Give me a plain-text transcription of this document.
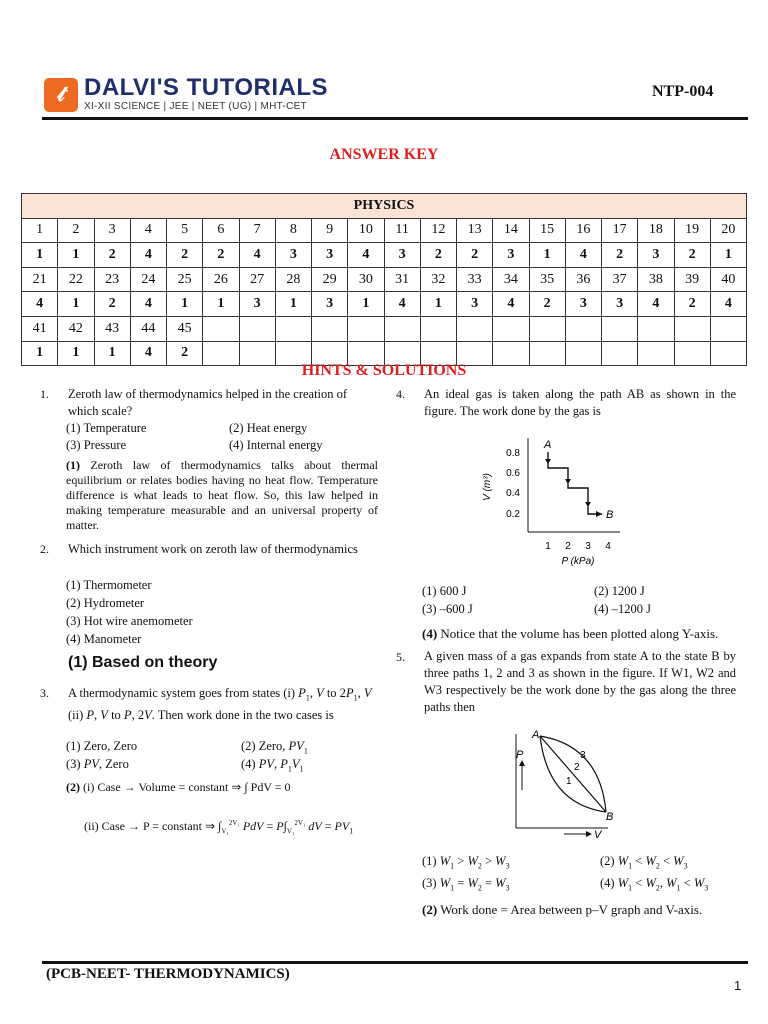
𝓉 DALVI'S TUTORIALS
XI-XII SCIENCE | JEE | NEET (UG) | MHT-CET
NTP-004
ANSWER KEY
PHYSICS																			
1	2	3	4	5	6	7	8	9	10	11	12	13	14	15	16	17	18	19	20
1	1	2	4	2	2	4	3	3	4	3	2	2	3	1	4	2	3	2	1
21	22	23	24	25	26	27	28	29	30	31	32	33	34	35	36	37	38	39	40
4	1	2	4	1	1	3	1	3	1	4	1	3	4	2	3	3	4	2	4
41	42	43	44	45															
1	1	1	4	2															
HINTS & SOLUTIONS
1. Zeroth law of thermodynamics helped in the creation of which scale?
(1) Temperature	(2) Heat energy
(3) Pressure	(4) Internal energy
(1) Zeroth law of thermodynamics talks about thermal equilibrium or relates bodies having no heat flow. Temperature difference is what leads to heat flow. So, this law helped in making temperature measurable and an universal property of matter.
2. Which instrument work on zeroth law of thermodynamics
(1) Thermometer
(2) Hydrometer
(3) Hot wire anemometer
(4) Manometer
(1) Based on theory
3. A thermodynamic system goes from states (i) $P_1$, V to $2P_1$, V (ii) P, V to P, 2V. Then work done in the two cases is
(1) Zero, Zero	(2) Zero, $PV_1$
(3) PV, Zero	(4) PV, $P_1V_1$
(2) (i) Case → Volume = constant ⇒ ∫ PdV = 0
(ii) Case → P = constant ⇒ $\int_{V_1}^{2V_1}$ PdV = $P\int_{V_1}^{2V_1}$ dV = $PV_1$
4. An ideal gas is taken along the path AB as shown in the figure. The work done by the gas is
0.8
0.6
0.4
0.2
1 2 3 4
P (kPa)
V (m³)
A
B
(1) 600 J	(2) 1200 J
(3) –600 J	(4) –1200 J
(4) Notice that the volume has been plotted along Y-axis.
5. A given mass of a gas expands from state A to the state B by three paths 1, 2 and 3 as shown in the figure. If W1, W2 and W3 respectively be the work done by the gas along the three paths then
P
V
A
B
1
2
3
(1) $W_1 > W_2 > W_3$	(2) $W_1 < W_2 < W_3$
(3) $W_1 = W_2 = W_3$	(4) $W_1 < W_2$, $W_1 < W_3$
(2) Work done = Area between p–V graph and V-axis.
(PCB-NEET- THERMODYNAMICS)
1
